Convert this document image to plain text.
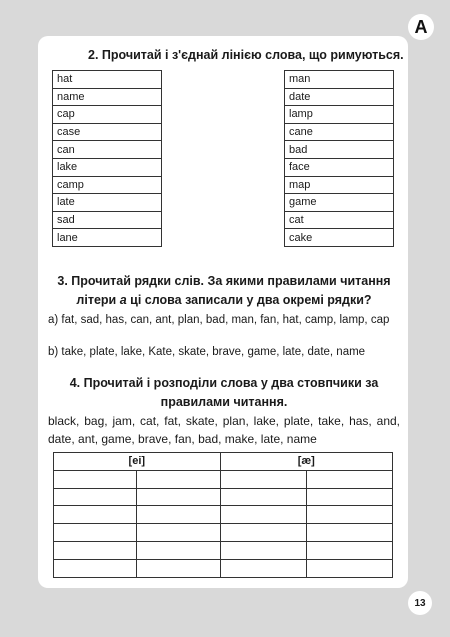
A
2. Прочитай і з'єднай лінією слова, що римуються.
hat
name
cap
case
can
lake
camp
late
sad
lane
man
date
lamp
cane
bad
face
map
game
cat
cake
3. Прочитай рядки слів. За якими правилами читання літери a ці слова записали у два окремі рядки?
а) fat, sad, has, can, ant, plan, bad, man, fan, hat, camp, lamp, cap
b) take, plate, lake, Kate, skate, brave, game, late, date, name
4. Прочитай і розподіли слова у два стовпчики за правилами читання.
black, bag, jam, cat, fat, skate, plan, lake, plate, take, has, and, date, ant, game, brave, fan, bad, make, late, name
[ei]		[æ]	

13
